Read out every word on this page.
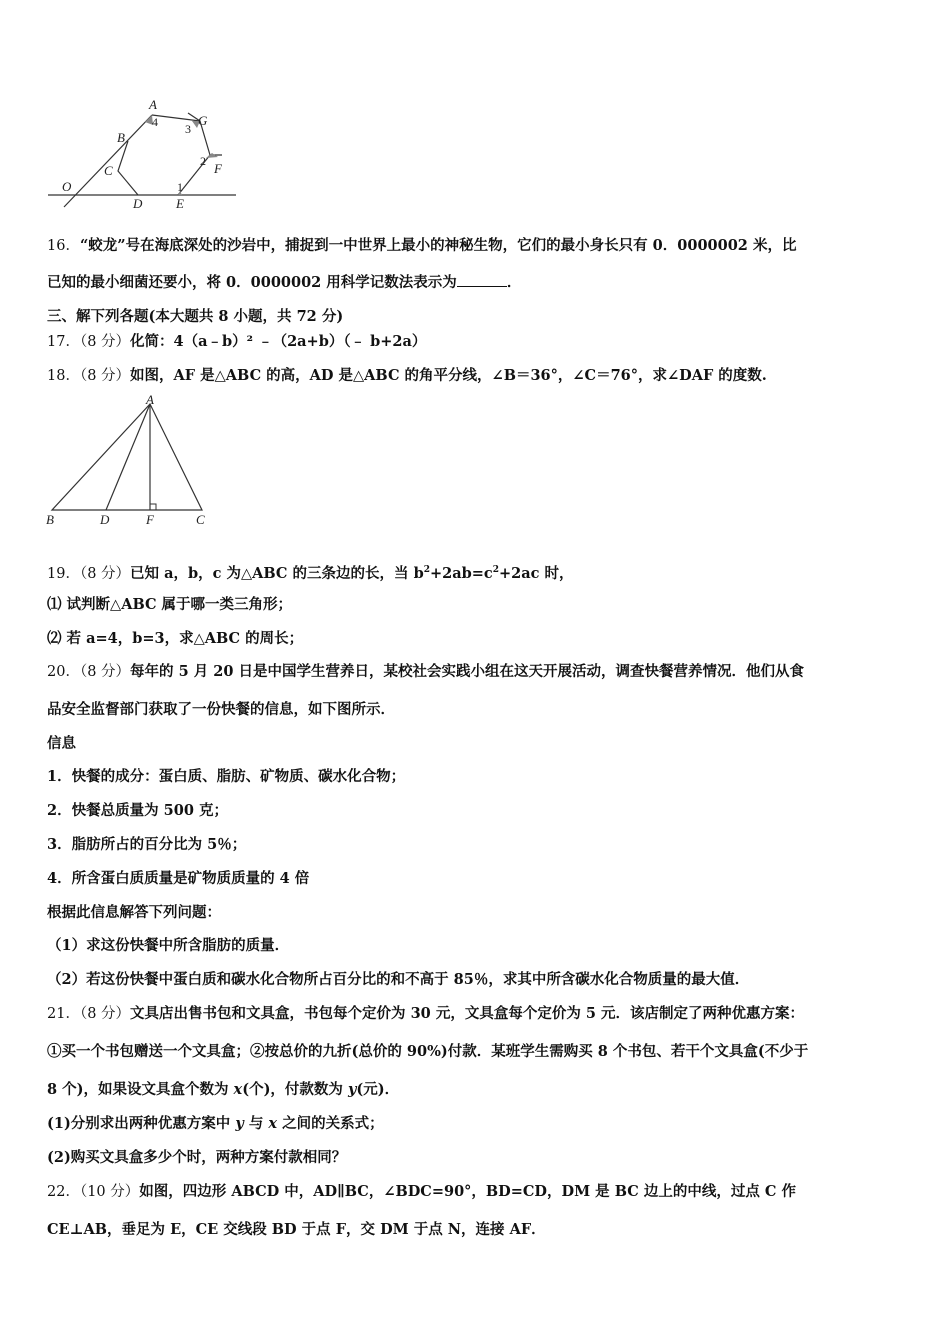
A
4 3
G
B
2 F
C
1
O
D	E
16．“蛟龙”号在海底深处的沙岩中，捕捉到一中世界上最小的神秘生物，它们的最小身长只有 0．0000002 米，比
已知的最小细菌还要小，将 0．0000002 用科学记数法表示为	．
三、解下列各题(本大题共 8 小题，共 72 分)
17．（8 分）化简：4（a﹣b）² ﹣（2a+b）（﹣ b+2a）
18．（8 分）如图，AF 是△ABC 的高，AD 是△ABC 的角平分线，∠B＝36°，∠C＝76°，求∠DAF 的度数.
A
B	D	F	C
19．（8 分）已知 a，b，c 为△ABC 的三条边的长，当 $b^2+2ab=c^2+2ac$ 时，
⑴ 试判断△ABC 属于哪一类三角形；
⑵ 若 a=4，b=3，求△ABC 的周长；
20．（8 分）每年的 5 月 20 日是中国学生营养日，某校社会实践小组在这天开展活动，调查快餐营养情况．他们从食
品安全监督部门获取了一份快餐的信息，如下图所示．
信息
1．快餐的成分：蛋白质、脂肪、矿物质、碳水化合物；
2．快餐总质量为 500 克；
3．脂肪所占的百分比为 5％；
4．所含蛋白质质量是矿物质质量的 4 倍
根据此信息解答下列问题：
（1）求这份快餐中所含脂肪的质量．
（2）若这份快餐中蛋白质和碳水化合物所占百分比的和不高于 85％，求其中所含碳水化合物质量的最大值．
21．（8 分）文具店出售书包和文具盒，书包每个定价为 30 元，文具盒每个定价为 5 元．该店制定了两种优惠方案：
①买一个书包赠送一个文具盒；②按总价的九折(总价的 90%)付款．某班学生需购买 8 个书包、若干个文具盒(不少于
8 个)，如果设文具盒个数为 x(个)，付款数为 y(元)．
(1)分别求出两种优惠方案中 y 与 x 之间的关系式；
(2)购买文具盒多少个时，两种方案付款相同？
22．（10 分）如图，四边形 ABCD 中，AD∥BC，∠BDC=90°，BD=CD，DM 是 BC 边上的中线，过点 C 作
CE⊥AB，垂足为 E，CE 交线段 BD 于点 F，交 DM 于点 N，连接 AF．
